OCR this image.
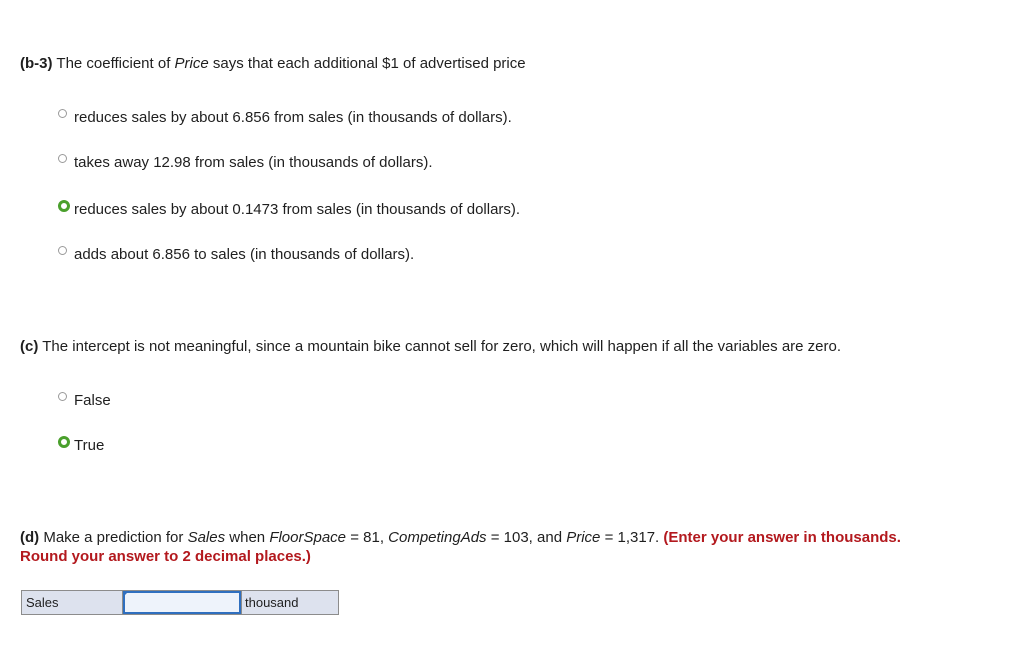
(b-3) The coefficient of Price says that each additional $1 of advertised price
reduces sales by about 6.856 from sales (in thousands of dollars).
takes away 12.98 from sales (in thousands of dollars).
reduces sales by about 0.1473 from sales (in thousands of dollars).
adds about 6.856 to sales (in thousands of dollars).
(c) The intercept is not meaningful, since a mountain bike cannot sell for zero, which will happen if all the variables are zero.
False
True
(d) Make a prediction for Sales when FloorSpace = 81, CompetingAds = 103, and Price = 1,317. (Enter your answer in thousands.
Round your answer to 2 decimal places.)
Sales	thousand
